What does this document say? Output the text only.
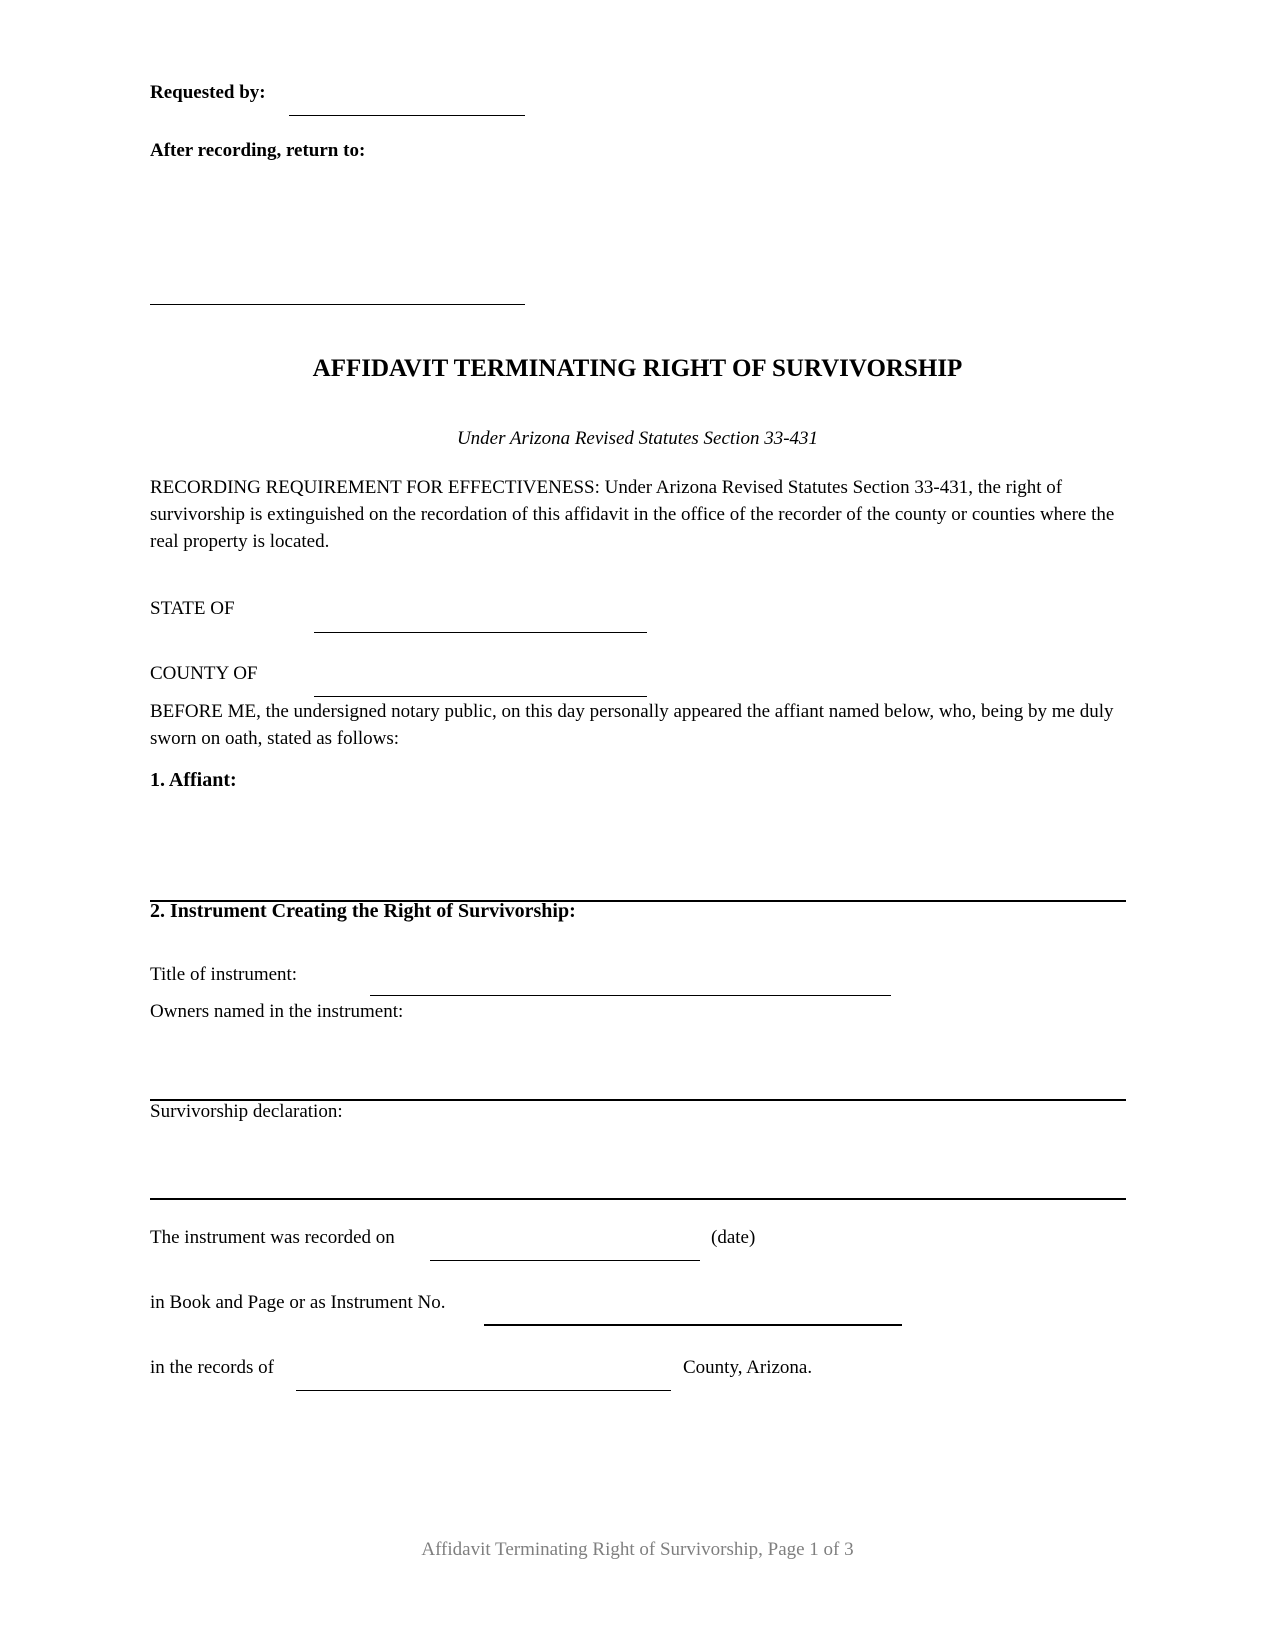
Requested by:
After recording, return to:
AFFIDAVIT TERMINATING RIGHT OF SURVIVORSHIP
Under Arizona Revised Statutes Section 33-431
RECORDING REQUIREMENT FOR EFFECTIVENESS: Under Arizona Revised Statutes Section 33-431, the right of survivorship is extinguished on the recordation of this affidavit in the office of the recorder of the county or counties where the real property is located.
STATE OF
COUNTY OF
BEFORE ME, the undersigned notary public, on this day personally appeared the affiant named below, who, being by me duly sworn on oath, stated as follows:
1. Affiant:
2. Instrument Creating the Right of Survivorship:
Title of instrument:
Owners named in the instrument:
Survivorship declaration:
The instrument was recorded on	(date)
in Book and Page or as Instrument No.
in the records of	County, Arizona.
Affidavit Terminating Right of Survivorship, Page 1 of 3
